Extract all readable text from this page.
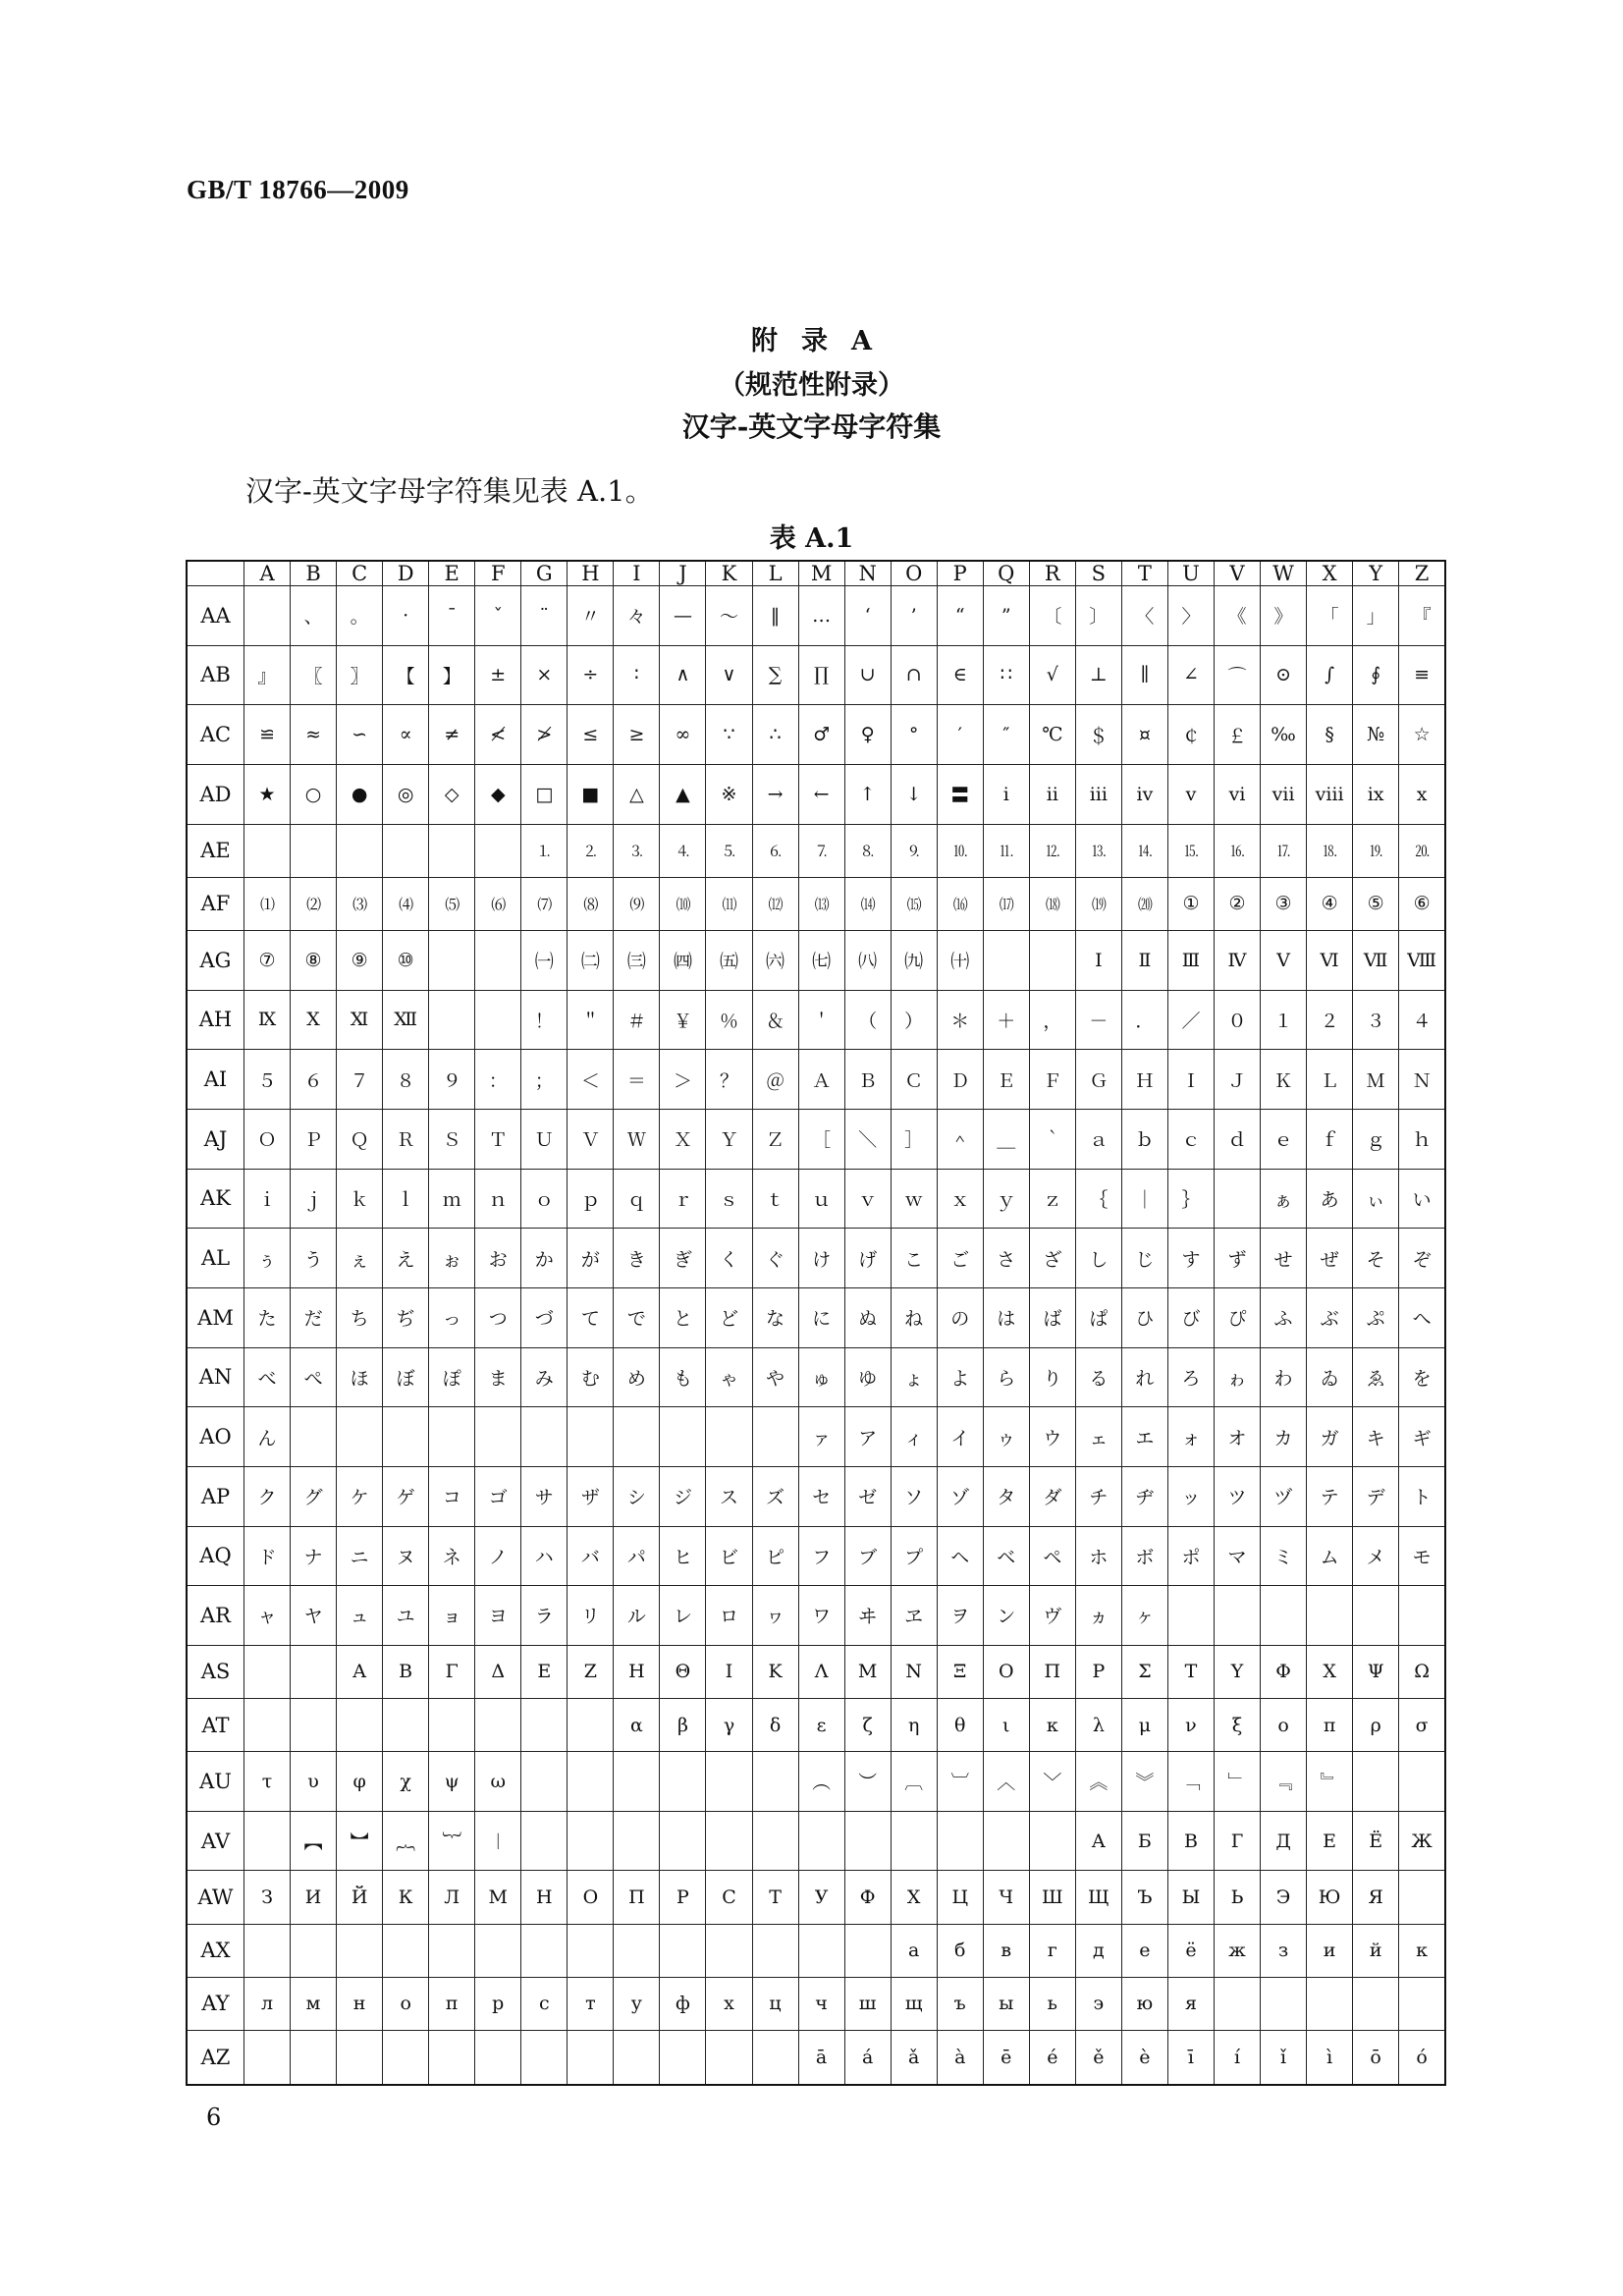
GB/T 18766—2009
附录A
（规范性附录）
汉字-英文字母字符集
汉字-英文字母字符集见表 A.1。
表 A.1
	A	B	C	D	E	F	G	H	I	J	K	L	M	N	O	P	Q	R	S	T	U	V	W	X	Y	Z
AA		、	。	·	ˉ	ˇ	¨	〃	々	—	～	‖	…	‘	’	“	”	〔	〕	〈	〉	《	》	「	」	『
AB	』	〖	〗	【	】	±	×	÷	∶	∧	∨	∑	∏	∪	∩	∈	∷	√	⊥	∥	∠	⌒	⊙	∫	∮	≡
AC	≌	≈	∽	∝	≠	≮	≯	≤	≥	∞	∵	∴	♂	♀	°	′	″	℃	＄	¤	￠	￡	‰	§	№	☆
AD	★	○	●	◎	◇	◆	□	■	△	▲	※	→	←	↑	↓	〓	ⅰ	ⅱ	ⅲ	ⅳ	ⅴ	ⅵ	ⅶ	ⅷ	ⅸ	ⅹ
AE							⒈	⒉	⒊	⒋	⒌	⒍	⒎	⒏	⒐	⒑	⒒	⒓	⒔	⒕	⒖	⒗	⒘	⒙	⒚	⒛
AF	⑴	⑵	⑶	⑷	⑸	⑹	⑺	⑻	⑼	⑽	⑾	⑿	⒀	⒁	⒂	⒃	⒄	⒅	⒆	⒇	①	②	③	④	⑤	⑥
AG	⑦	⑧	⑨	⑩			㈠	㈡	㈢	㈣	㈤	㈥	㈦	㈧	㈨	㈩			Ⅰ	Ⅱ	Ⅲ	Ⅳ	Ⅴ	Ⅵ	Ⅶ	Ⅷ
AH	Ⅸ	Ⅹ	Ⅺ	Ⅻ			！	＂	＃	￥	％	＆	＇	（	）	＊	＋	，	－	．	／	０	１	２	３	４
AI	５	６	７	８	９	：	；	＜	＝	＞	？	＠	Ａ	Ｂ	Ｃ	Ｄ	Ｅ	Ｆ	Ｇ	Ｈ	Ｉ	Ｊ	Ｋ	Ｌ	Ｍ	Ｎ
AJ	Ｏ	Ｐ	Ｑ	Ｒ	Ｓ	Ｔ	Ｕ	Ｖ	Ｗ	Ｘ	Ｙ	Ｚ	［	＼	］	＾	＿	｀	ａ	ｂ	ｃ	ｄ	ｅ	ｆ	ｇ	ｈ
AK	ｉ	ｊ	ｋ	ｌ	ｍ	ｎ	ｏ	ｐ	ｑ	ｒ	ｓ	ｔ	ｕ	ｖ	ｗ	ｘ	ｙ	ｚ	｛	｜	｝		ぁ	あ	ぃ	い
AL	ぅ	う	ぇ	え	ぉ	お	か	が	き	ぎ	く	ぐ	け	げ	こ	ご	さ	ざ	し	じ	す	ず	せ	ぜ	そ	ぞ
AM	た	だ	ち	ぢ	っ	つ	づ	て	で	と	ど	な	に	ぬ	ね	の	は	ば	ぱ	ひ	び	ぴ	ふ	ぶ	ぷ	へ
AN	べ	ぺ	ほ	ぼ	ぽ	ま	み	む	め	も	ゃ	や	ゅ	ゆ	ょ	よ	ら	り	る	れ	ろ	ゎ	わ	ゐ	ゑ	を
AO	ん												ァ	ア	ィ	イ	ゥ	ウ	ェ	エ	ォ	オ	カ	ガ	キ	ギ
AP	ク	グ	ケ	ゲ	コ	ゴ	サ	ザ	シ	ジ	ス	ズ	セ	ゼ	ソ	ゾ	タ	ダ	チ	ヂ	ッ	ツ	ヅ	テ	デ	ト
AQ	ド	ナ	ニ	ヌ	ネ	ノ	ハ	バ	パ	ヒ	ビ	ピ	フ	ブ	プ	ヘ	ベ	ペ	ホ	ボ	ポ	マ	ミ	ム	メ	モ
AR	ャ	ヤ	ュ	ユ	ョ	ヨ	ラ	リ	ル	レ	ロ	ヮ	ワ	ヰ	ヱ	ヲ	ン	ヴ	ヵ	ヶ						
AS			Α	Β	Γ	Δ	Ε	Ζ	Η	Θ	Ι	Κ	Λ	Μ	Ν	Ξ	Ο	Π	Ρ	Σ	Τ	Υ	Φ	Χ	Ψ	Ω
AT									α	β	γ	δ	ε	ζ	η	θ	ι	κ	λ	μ	ν	ξ	ο	π	ρ	σ
AU	τ	υ	φ	χ	ψ	ω							︵	︶	︹	︺	︿	﹀	︽	︾	﹁	﹂	﹃	﹄		
AV		︻	︼	︷	︸	︱													А	Б	В	Г	Д	Е	Ё	Ж
AW	З	И	Й	К	Л	М	Н	О	П	Р	С	Т	У	Ф	Х	Ц	Ч	Ш	Щ	Ъ	Ы	Ь	Э	Ю	Я	
AX															а	б	в	г	д	е	ё	ж	з	и	й	к
AY	л	м	н	о	п	р	с	т	у	ф	х	ц	ч	ш	щ	ъ	ы	ь	э	ю	я					
AZ													ā	á	ǎ	à	ē	é	ě	è	ī	í	ǐ	ì	ō	ó
6
